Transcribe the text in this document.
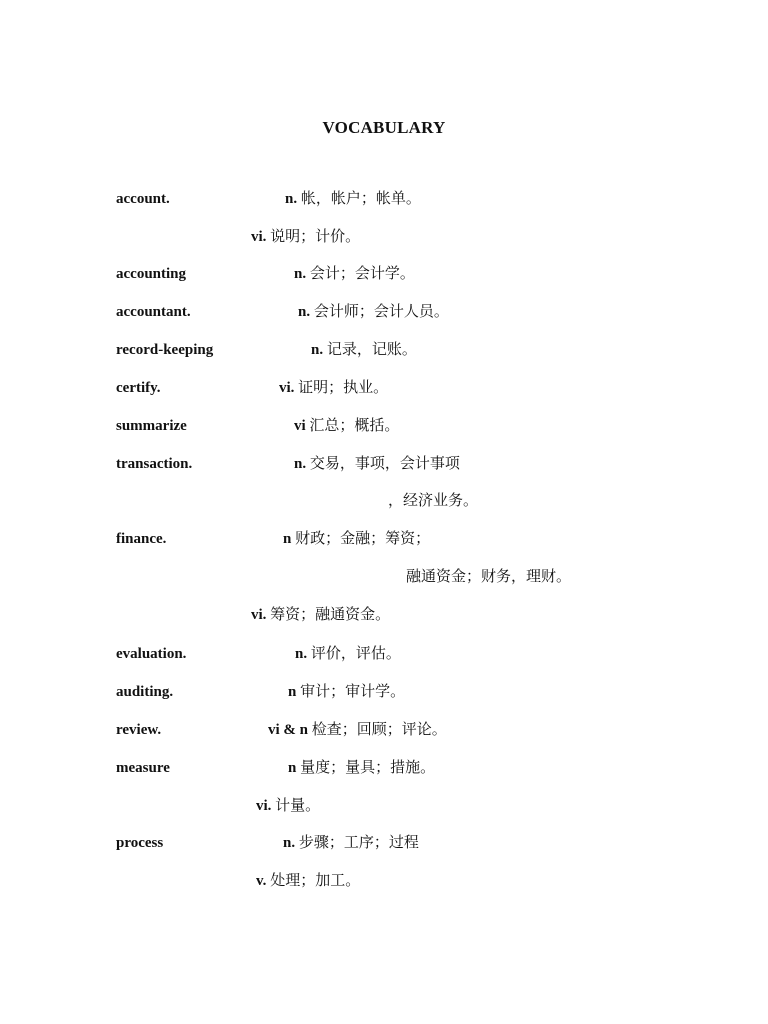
VOCABULARY
account.	n. 帐，帐户；帐单。
vi. 说明；计价。
accounting	n. 会计；会计学。
accountant.	n. 会计师；会计人员。
record-keeping	n. 记录，记账。
certify.	vi. 证明；执业。
summarize	vi 汇总；概括。
transaction.	n. 交易，事项，会计事项
，经济业务。
finance.	n 财政；金融；筹资；
融通资金；财务，理财。
vi. 筹资；融通资金。
evaluation.	n. 评价，评估。
auditing.	n 审计；审计学。
review.	vi & n 检查；回顾；评论。
measure	n 量度；量具；措施。
vi. 计量。
process	n. 步骤；工序；过程
v. 处理；加工。
